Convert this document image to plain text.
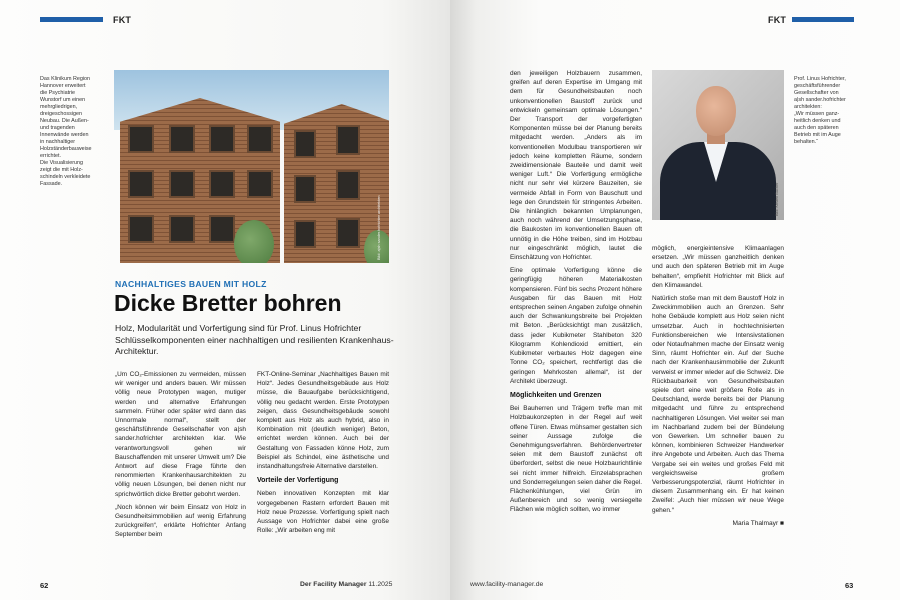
FKT
Das Klinikum Region
Hannover erweitert
die Psychiatrie
Wunstorf um einen
mehrgliedrigen,
dreigeschossigen
Neubau. Die Außen-
und tragenden
Innenwände werden
in nachhaltiger
Holzständerbauweise
errichtet.
Die Visualisierung
zeigt die mit Holz-
schindeln verkleidete
Fassade.
Bild: a|sh sander.hofrichter architekten
NACHHALTIGES BAUEN MIT HOLZ
Dicke Bretter bohren
Holz, Modularität und Vorfertigung sind für Prof. Linus Hofrichter Schlüsselkomponenten einer nachhaltigen und resilienten Krankenhaus-Architektur.

„Um CO₂-Emissionen zu vermeiden, müssen wir weniger und anders bauen. Wir müssen völlig neue Prototypen wagen, mutiger werden und alternative Erfahrungen sammeln. Früher oder später wird dann das Unnormale normal“, stellt der geschäftsführende Gesellschafter von a|sh sander.hofrichter architekten klar. Wie verantwortungsvoll gehen wir Bauschaffenden mit unserer Umwelt um? Die Antwort auf diese Frage führte den renommierten Krankenhausarchitekten zu völlig neuen Lösungen, bei denen nicht nur sprichwörtlich dicke Bretter gebohrt werden.

„Noch können wir beim Einsatz von Holz in Gesundheitsimmobilien auf wenig Erfahrung zurückgreifen“, erklärte Hofrichter Anfang September beim

FKT-Online-Seminar „Nachhaltiges Bauen mit Holz“. Jedes Gesundheitsgebäude aus Holz müsse, die Bauaufgabe berücksichtigend, völlig neu gedacht werden. Erste Prototypen zeigen, dass Gesundheitsgebäude sowohl komplett aus Holz als auch hybrid, also in Kombination mit (deutlich weniger) Beton, errichtet werden können. Auch bei der Gestaltung von Fassaden könne Holz, zum Beispiel als Schindel, eine ästhetische und instandhaltungsfreie Alternative darstellen.

Vorteile der Vorfertigung

Neben innovativen Konzepten mit klar vorgegebenen Rastern erfordert Bauen mit Holz neue Prozesse. Vorfertigung spielt nach Aussage von Hofrichter dabei eine große Rolle: „Wir arbeiten eng mit

62	Der Facility Manager 11.2025
FKT

den jeweiligen Holzbauern zusammen, greifen auf deren Expertise im Umgang mit dem für Gesundheitsbauten noch unkonventionellen Baustoff zurück und entwickeln gemeinsam optimale Lösungen.“ Der Transport der vorgefertigten Komponenten müsse bei der Planung bereits mitgedacht werden. „Anders als im konventionellen Modulbau transportieren wir jedoch keine kompletten Räume, sondern zweidimensionale Bauteile und damit weit weniger Luft.“ Die Vorfertigung ermögliche nicht nur sehr viel kürzere Bauzeiten, sie vermeide Abfall in Form von Bauschutt und lege den Grundstein für stringentes Arbeiten. Die hinlänglich bekannten Umplanungen, auch noch während der Umsetzungsphase, die Baukosten im konventionellen Bauen oft unnötig in die Höhe treiben, sind im Holzbau nur eingeschränkt möglich, lautet die Einschätzung von Hofrichter.

Eine optimale Vorfertigung könne die geringfügig höheren Materialkosten kompensieren. Fünf bis sechs Prozent höhere Ausgaben für das Bauen mit Holz entsprechen seinen Angaben zufolge ohnehin auch der Schwankungsbreite bei Projekten mit Beton. „Berücksichtigt man zusätzlich, dass jeder Kubikmeter Stahlbeton 320 Kilogramm Kohlendioxid emittiert, ein Kubikmeter verbautes Holz dagegen eine Tonne CO₂ speichert, rechtfertigt das die geringen Mehrkosten allemal“, ist der Architekt überzeugt.

Möglichkeiten und Grenzen

Bei Bauherren und Trägern treffe man mit Holzbaukonzepten in der Regel auf weit offene Türen. Etwas mühsamer gestalten sich seiner Aussage zufolge die Genehmigungsverfahren. Behördenvertreter seien mit dem Baustoff zunächst oft überfordert, selbst die neue Holzbaurichtlinie sei nicht immer hilfreich. Einzelabsprachen und Sonderregelungen seien daher die Regel. Flächenkühlungen, viel Grün im Außenbereich und so wenig versiegelte Flächen wie möglich sollten, wo immer

möglich, energieintensive Klimaanlagen ersetzen. „Wir müssen ganzheitlich denken und auch den späteren Betrieb mit im Auge behalten“, empfiehlt Hofrichter mit Blick auf den Klimawandel.

Natürlich stoße man mit dem Baustoff Holz in Zweckimmobilien auch an Grenzen. Sehr hohe Gebäude komplett aus Holz seien nicht umsetzbar. Auch in hochtechnisierten Funktionsbereichen wie Intensivstationen oder Notaufnahmen mache der Einsatz wenig Sinn, räumt Hofrichter ein. Auf der Suche nach der Krankenhausimmobilie der Zukunft verweist er immer wieder auf die Schweiz. Die Rückbaubarkeit von Gesundheitsbauten spiele dort eine weit größere Rolle als in Deutschland, werde bereits bei der Planung mitgedacht und führe zu entsprechend nachhaltigeren Lösungen. Viel weiter sei man im Nachbarland zudem bei der Bündelung von Gewerken. Um schneller bauen zu können, kombinieren Schweizer Handwerker ihre Angebote und Arbeiten. Auch das Thema Vergabe sei ein weites und großes Feld mit vergleichsweise großem Verbesserungspotenzial, räumt Hofrichter in diesem Zusammenhang ein. Er hat keinen Zweifel: „Auch hier müssen wir neue Wege gehen.“

Maria Thalmayr ■
Prof. Linus Hofrichter,
geschäftsführender
Gesellschafter von
a|sh sander.hofrichter
architekten:
„Wir müssen ganz-
heitlich denken und
auch den späteren
Betrieb mit im Auge
behalten.“
63
www.facility-manager.de
Bild: Kristen Bucher
